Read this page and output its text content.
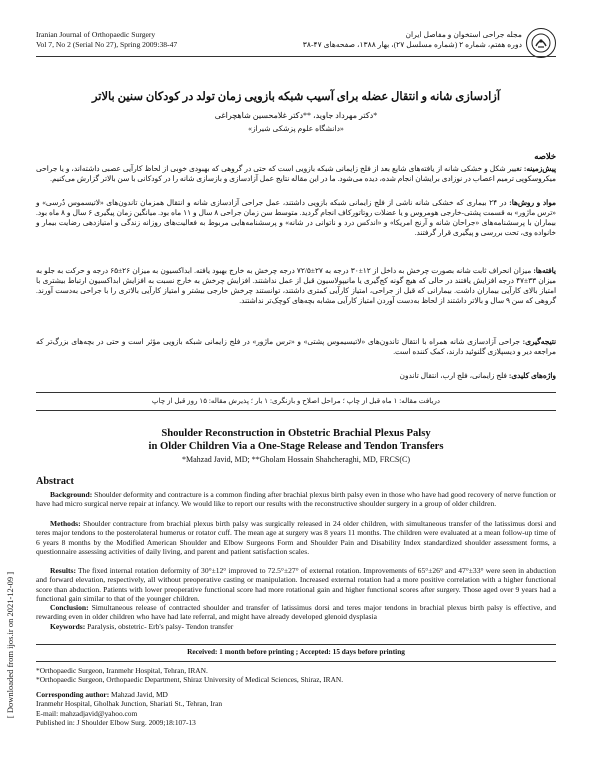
[ Downloaded from ijos.ir on 2021-12-09 ]
Iranian Journal of Orthopaedic Surgery
Vol 7, No 2 (Serial No 27), Spring 2009:38-47
مجله جراحی استخوان و مفاصل ایران
دوره هفتم، شماره ۲ (شماره مسلسل ۲۷)، بهار ۱۳۸۸، صفحه‌های ۴۷-۳۸
آزادسازی شانه و انتقال عضله برای آسیب شبکه بازویی زمان تولد در کودکان سنین بالاتر
*دکتر مهرداد جاوید، **دکتر غلامحسین شاهچراغی
«دانشگاه علوم پزشکی شیراز»
خلاصه
پیش‌زمینه: تغییر شکل و خشکی شانه از یافته‌های شایع بعد از فلج زایمانی شبکه بازویی است که حتی در گروهی که بهبودی خوبی از لحاظ کارآیی عصبی داشته‌اند، و یا جراحی میکروسکوپی ترمیم اعصاب در نوزادی برایشان انجام شده، دیده می‌شود. ما در این مقاله نتایج عمل آزادسازی و بازسازی شانه را در کودکانی با سن بالاتر گزارش می‌کنیم.
مواد و روش‌ها: در ۲۴ بیماری که خشکی شانه ناشی از فلج زایمانی شبکه بازویی داشتند، عمل جراحی آزادسازی شانه و انتقال همزمان تاندون‌های «لاتیسموس دُرسی» و «ترس ماژور» به قسمت پشتی-خارجی هومروس و یا عضلات روتاتورکاف انجام گردید. متوسط سن زمان جراحی ۸ سال و ۱۱ ماه بود. میانگین زمان پیگیری ۶ سال و ۸ ماه بود. بیماران با پرسشنامه‌های «جراحان شانه و آرنج امریکا» و «اندکس درد و ناتوانی در شانه» و پرسشنامه‌هایی مربوط به فعالیت‌های روزانه زندگی و امتیازدهی رضایت بیمار و خانواده وی، تحت بررسی و پیگیری قرار گرفتند.
یافته‌ها: میزان انحراف ثابت شانه بصورت چرخش به داخل از ۱۲±۳۰ درجه به ۲۷±۷۲/۵ درجه چرخش به خارج بهبود یافته. ابداکسیون به میزان ۲۶±۶۵ درجه و حرکت به جلو به میزان ۳۳±۴۷ درجه افزایش یافتند در حالی که هیچ گونه کج‌گیری یا مانیپولاسیون قبل از عمل نداشتند. افزایش چرخش به خارج نسبت به افزایش ابداکسیون ارتباط بیشتری با امتیاز بالای کارآیی بیماران داشت. بیمارانی که قبل از جراحی، امتیاز کارآیی کمتری داشتند، توانستند چرخش خارجی بیشتر و امتیاز کارآیی بالاتری را با جراحی به‌دست آورند. گروهی که سن ۹ سال و بالاتر داشتند از لحاظ به‌دست آوردن امتیاز کارآیی مشابه بچه‌های کوچک‌تر نداشتند.
نتیجه‌گیری: جراحی آزادسازی شانه همراه با انتقال تاندون‌های «لاتیسیموس پشتی» و «ترس ماژور» در فلج زایمانی شبکه بازویی مؤثر است و حتی در بچه‌های بزرگ‌تر که مراجعه دیر و دیسپلازی گلنوئید دارند، کمک کننده است.
واژه‌های کلیدی: فلج زایمانی، فلج ارب، انتقال تاندون
دریافت مقاله: ۱ ماه قبل از چاپ ؛ مراحل اصلاح و بازنگری: ۱ بار ؛ پذیرش مقاله: ۱۵ روز قبل از چاپ
Shoulder Reconstruction in Obstetric Brachial Plexus Palsy
in Older Children Via a One-Stage Release and Tendon Transfers
*Mahzad Javid, MD; **Gholam Hossain Shahcheraghi, MD, FRCS(C)
Abstract
Background: Shoulder deformity and contracture is a common finding after brachial plexus birth palsy even in those who have had good recovery of nerve function or have had micro surgical nerve repair at infancy. We would like to report our results with the reconstructive shoulder surgery in a group of older children.
Methods: Shoulder contracture from brachial plexus birth palsy was surgically released in 24 older children, with simultaneous transfer of the latissimus dorsi and teres major tendons to the posterolateral humerus or rotator cuff. The mean age at surgery was 8 years 11 months. The children were evaluated at a mean follow-up time of 6 years 8 months by the Modified American Shoulder and Elbow Surgeons Form and Shoulder Pain and Disability Index standardized shoulder assessment forms, a questionnaire assessing activities of daily living, and parent and patient satisfaction scales.
Results: The fixed internal rotation deformity of 30°±12° improved to 72.5°±27° of external rotation. Improvements of 65°±26° and 47°±33° were seen in abduction and forward elevation, respectively, all without preoperative casting or manipulation. Increased external rotation had a more positive correlation with a higher functional score than abduction. Patients with lower preoperative functional score had more rotational gain and higher functional scores after surgery. Those aged over 9 years had a functional gain similar to that of the younger children.
Conclusion: Simultaneous release of contracted shoulder and transfer of latissimus dorsi and teres major tendons in brachial plexus birth palsy is effective, and rewarding even in older children who have had late referral, and might have already developed glenoid dysplasia
Keywords: Paralysis, obstetric- Erb's palsy- Tendon transfer
Received: 1 month before printing ; Accepted: 15 days before printing
*Orthopaedic Surgeon, Iranmehr Hospital, Tehran, IRAN.
*Orthopaedic Surgeon, Orthopaedic Department, Shiraz University of Medical Sciences, Shiraz, IRAN.
Corresponding author: Mahzad Javid, MD
Iranmehr Hospital, Gholhak Junction, Shariati St., Tehran, Iran
E-mail: mahzadjavid@yahoo.com
Published in: J Shoulder Elbow Surg. 2009;18:107-13
